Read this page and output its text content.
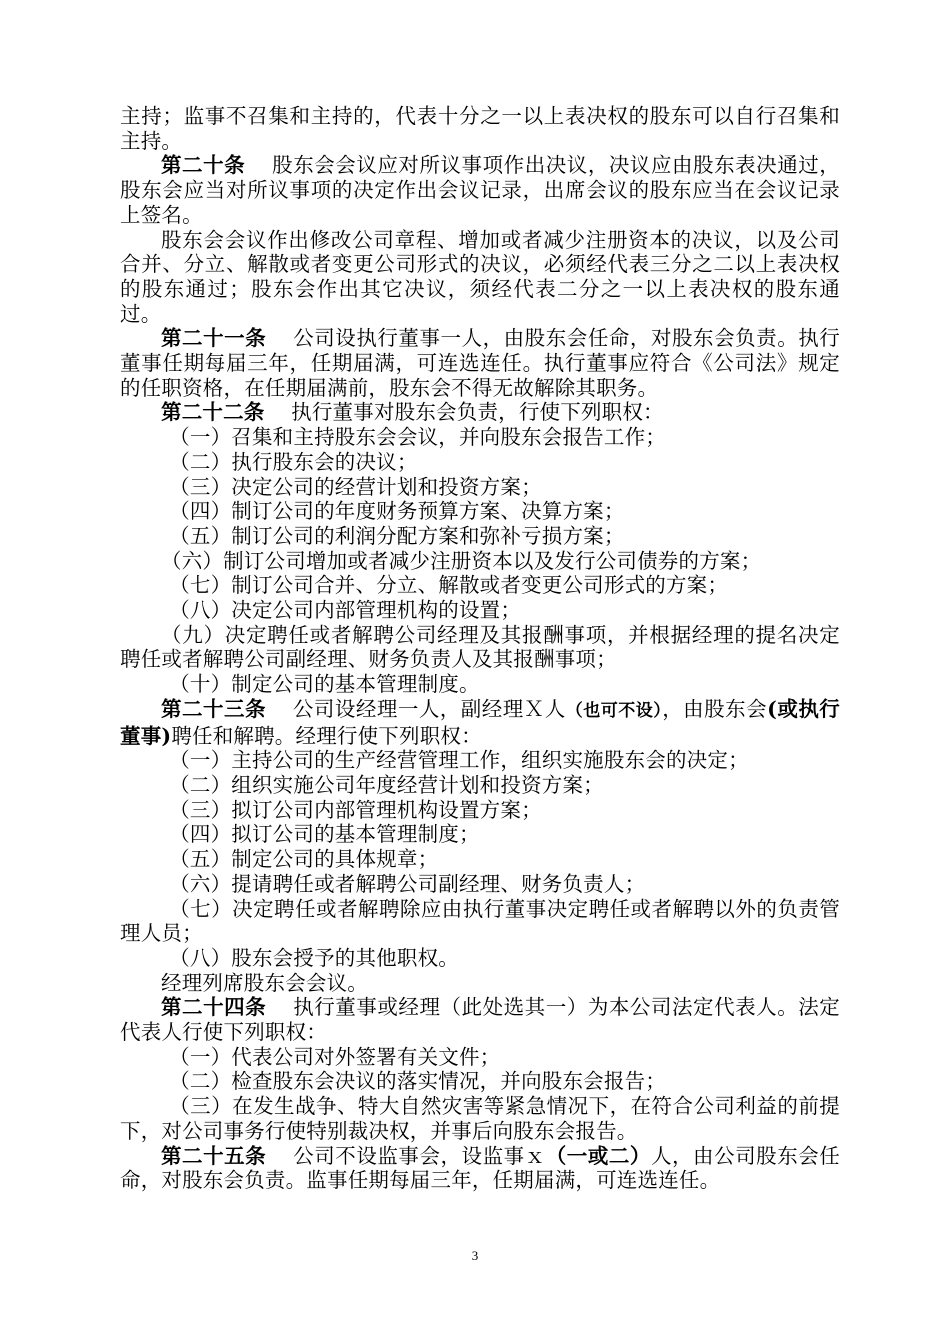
主持；监事不召集和主持的，代表十分之一以上表决权的股东可以自行召集和主持。

第二十条 股东会会议应对所议事项作出决议，决议应由股东表决通过，股东会应当对所议事项的决定作出会议记录，出席会议的股东应当在会议记录上签名。

股东会会议作出修改公司章程、增加或者减少注册资本的决议，以及公司合并、分立、解散或者变更公司形式的决议，必须经代表三分之二以上表决权的股东通过；股东会作出其它决议，须经代表二分之一以上表决权的股东通过。

第二十一条 公司设执行董事一人，由股东会任命，对股东会负责。执行董事任期每届三年，任期届满，可连选连任。执行董事应符合《公司法》规定的任职资格，在任期届满前，股东会不得无故解除其职务。

第二十二条 执行董事对股东会负责，行使下列职权：

（一）召集和主持股东会会议，并向股东会报告工作；

（二）执行股东会的决议；

（三）决定公司的经营计划和投资方案；

（四）制订公司的年度财务预算方案、决算方案；

（五）制订公司的利润分配方案和弥补亏损方案；

（六）制订公司增加或者减少注册资本以及发行公司债券的方案；

（七）制订公司合并、分立、解散或者变更公司形式的方案；

（八）决定公司内部管理机构的设置；

（九）决定聘任或者解聘公司经理及其报酬事项，并根据经理的提名决定聘任或者解聘公司副经理、财务负责人及其报酬事项；

（十）制定公司的基本管理制度。

第二十三条 公司设经理一人，副经理Ｘ人（也可不设），由股东会(或执行董事)聘任和解聘。经理行使下列职权：

（一）主持公司的生产经营管理工作，组织实施股东会的决定；

（二）组织实施公司年度经营计划和投资方案；

（三）拟订公司内部管理机构设置方案；

（四）拟订公司的基本管理制度；

（五）制定公司的具体规章；

（六）提请聘任或者解聘公司副经理、财务负责人；

（七）决定聘任或者解聘除应由执行董事决定聘任或者解聘以外的负责管理人员；

（八）股东会授予的其他职权。

经理列席股东会会议。

第二十四条 执行董事或经理（此处选其一）为本公司法定代表人。法定代表人行使下列职权：

（一）代表公司对外签署有关文件；

（二）检查股东会决议的落实情况，并向股东会报告；

（三）在发生战争、特大自然灾害等紧急情况下，在符合公司利益的前提下，对公司事务行使特别裁决权，并事后向股东会报告。

第二十五条 公司不设监事会，设监事ｘ（一或二）人，由公司股东会任命，对股东会负责。监事任期每届三年，任期届满，可连选连任。

3
